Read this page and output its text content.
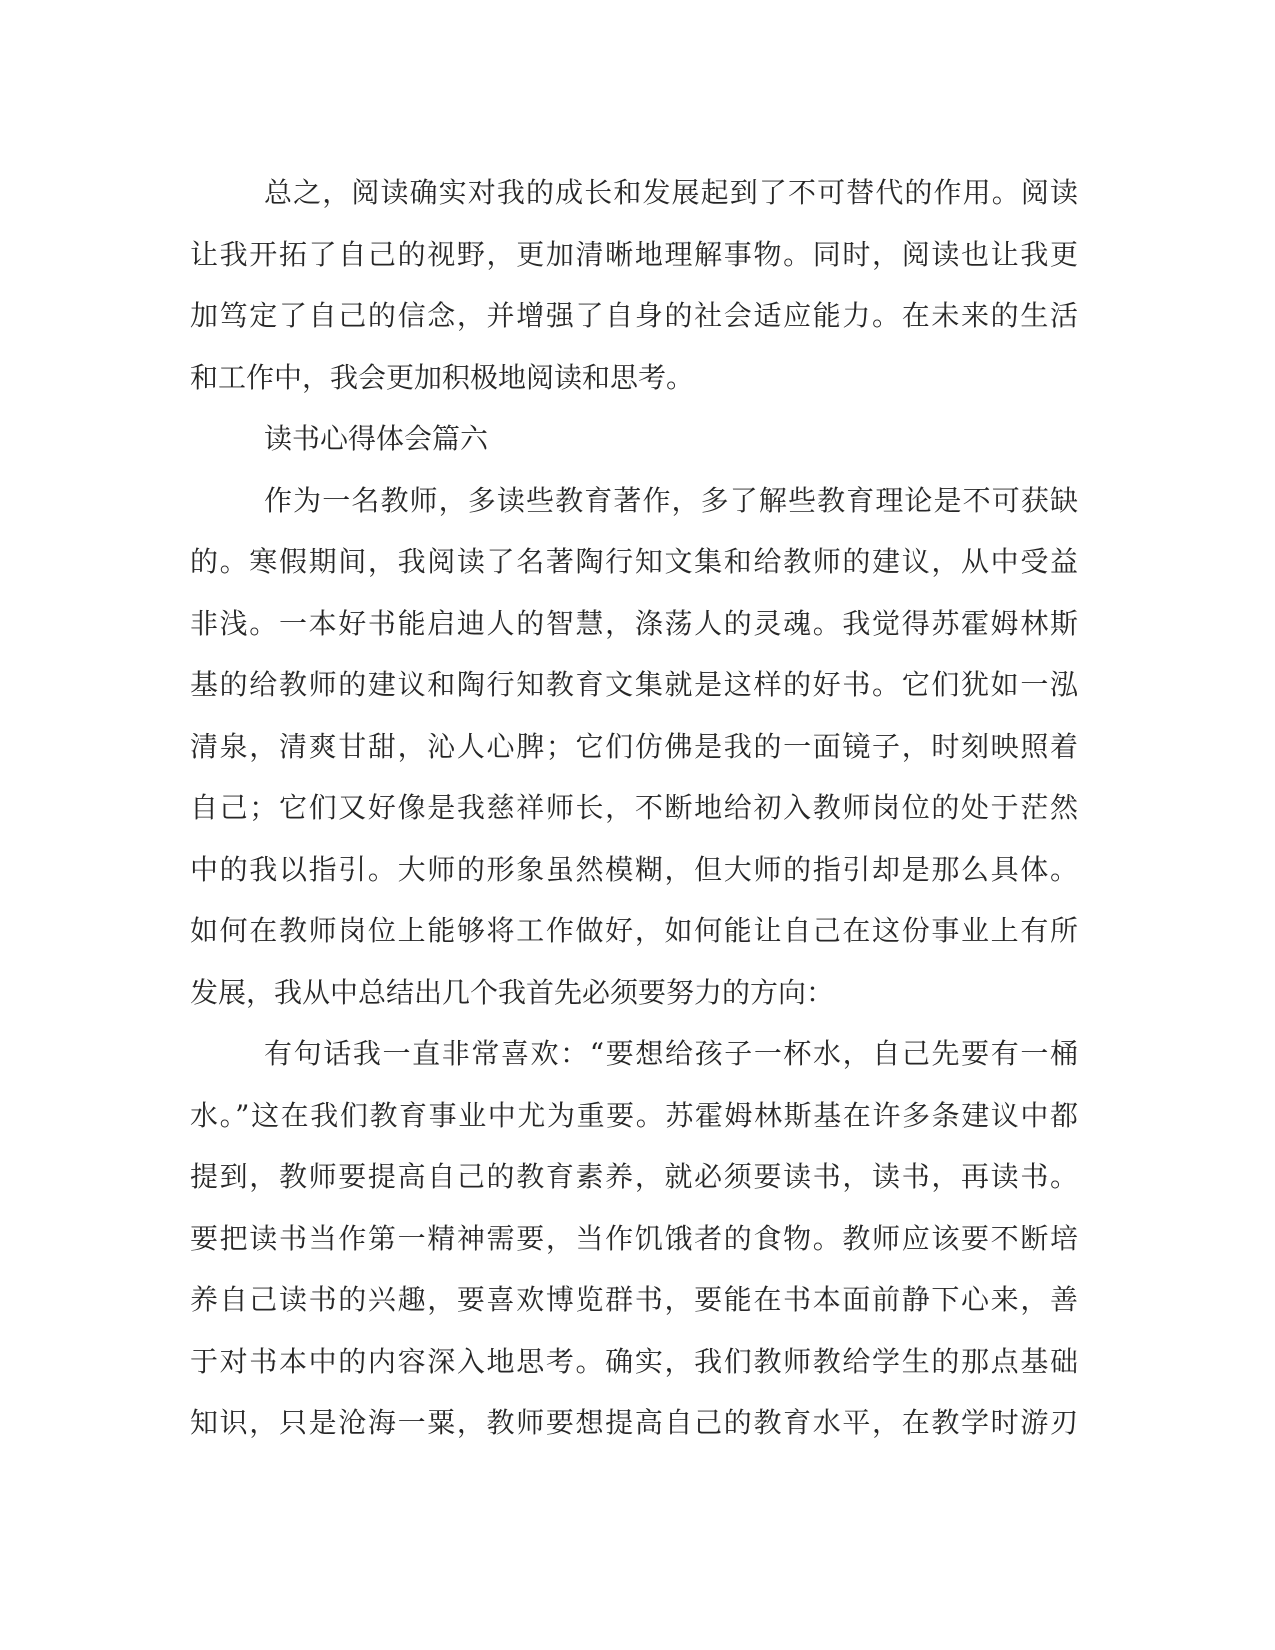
总之，阅读确实对我的成长和发展起到了不可替代的作用。阅读
让我开拓了自己的视野，更加清晰地理解事物。同时，阅读也让我更
加笃定了自己的信念，并增强了自身的社会适应能力。在未来的生活
和工作中，我会更加积极地阅读和思考。
读书心得体会篇六
作为一名教师，多读些教育著作，多了解些教育理论是不可获缺
的。寒假期间，我阅读了名著陶行知文集和给教师的建议，从中受益
非浅。一本好书能启迪人的智慧，涤荡人的灵魂。我觉得苏霍姆林斯
基的给教师的建议和陶行知教育文集就是这样的好书。它们犹如一泓
清泉，清爽甘甜，沁人心脾；它们仿佛是我的一面镜子，时刻映照着
自己；它们又好像是我慈祥师长，不断地给初入教师岗位的处于茫然
中的我以指引。大师的形象虽然模糊，但大师的指引却是那么具体。
如何在教师岗位上能够将工作做好，如何能让自己在这份事业上有所
发展，我从中总结出几个我首先必须要努力的方向：
有句话我一直非常喜欢：“要想给孩子一杯水，自己先要有一桶
水。”这在我们教育事业中尤为重要。苏霍姆林斯基在许多条建议中都
提到，教师要提高自己的教育素养，就必须要读书，读书，再读书。
要把读书当作第一精神需要，当作饥饿者的食物。教师应该要不断培
养自己读书的兴趣，要喜欢博览群书，要能在书本面前静下心来，善
于对书本中的内容深入地思考。确实，我们教师教给学生的那点基础
知识，只是沧海一粟，教师要想提高自己的教育水平，在教学时游刃
